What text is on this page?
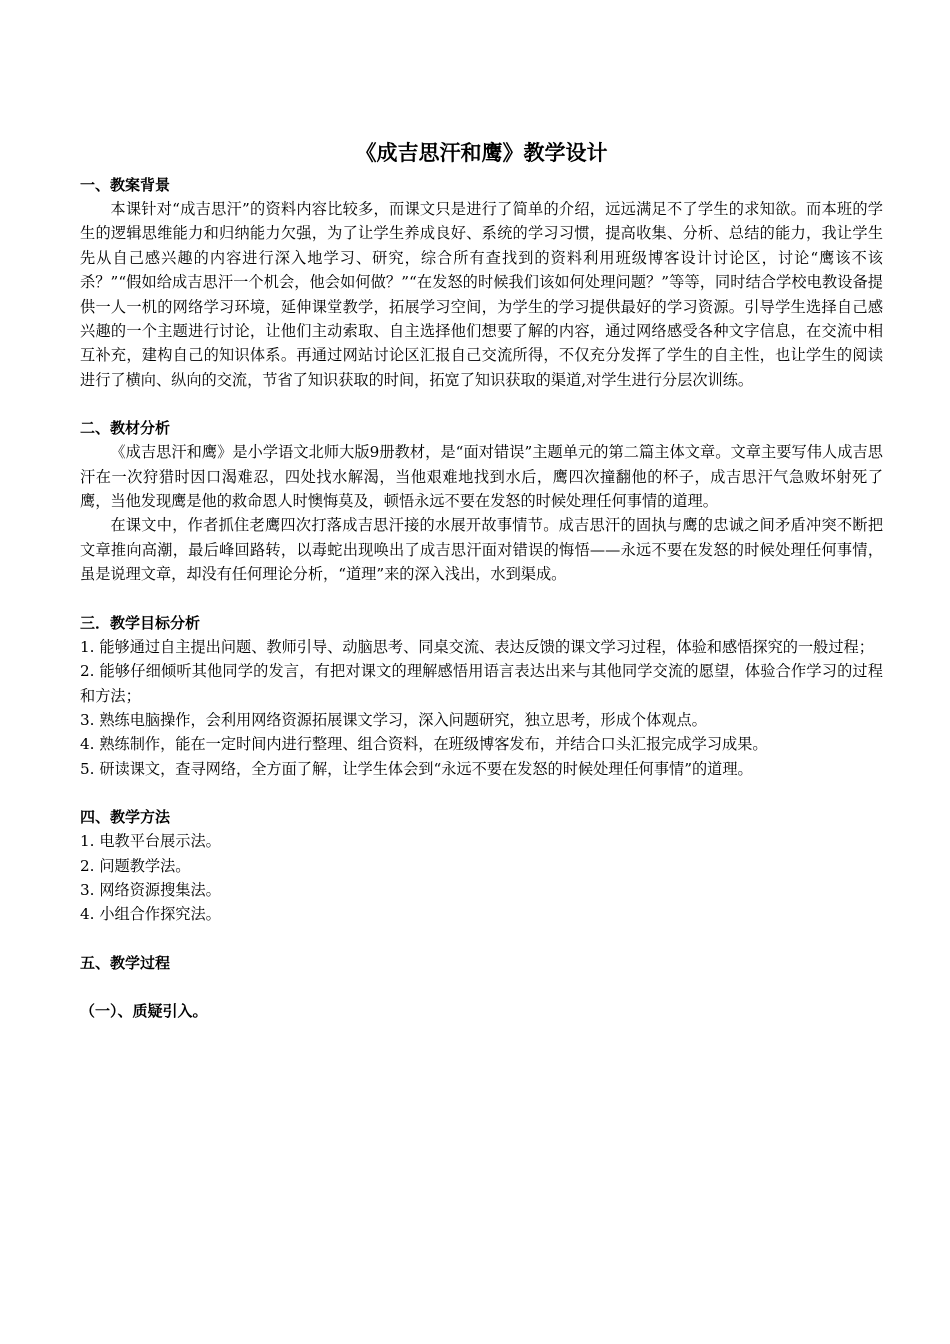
《成吉思汗和鹰》教学设计

一、教案背景

本课针对“成吉思汗”的资料内容比较多，而课文只是进行了简单的介绍，远远满足不了学生的求知欲。而本班的学生的逻辑思维能力和归纳能力欠强，为了让学生养成良好、系统的学习习惯，提高收集、分析、总结的能力，我让学生先从自己感兴趣的内容进行深入地学习、研究，综合所有查找到的资料利用班级博客设计讨论区，讨论“鹰该不该杀？”“假如给成吉思汗一个机会，他会如何做？”“在发怒的时候我们该如何处理问题？”等等，同时结合学校电教设备提供一人一机的网络学习环境，延伸课堂教学，拓展学习空间，为学生的学习提供最好的学习资源。引导学生选择自己感兴趣的一个主题进行讨论，让他们主动索取、自主选择他们想要了解的内容，通过网络感受各种文字信息，在交流中相互补充，建构自己的知识体系。再通过网站讨论区汇报自己交流所得，不仅充分发挥了学生的自主性，也让学生的阅读进行了横向、纵向的交流，节省了知识获取的时间，拓宽了知识获取的渠道,对学生进行分层次训练。

二、教材分析

《成吉思汗和鹰》是小学语文北师大版9册教材，是“面对错误”主题单元的第二篇主体文章。文章主要写伟人成吉思汗在一次狩猎时因口渴难忍，四处找水解渴，当他艰难地找到水后，鹰四次撞翻他的杯子，成吉思汗气急败坏射死了鹰，当他发现鹰是他的救命恩人时懊悔莫及，顿悟永远不要在发怒的时候处理任何事情的道理。

在课文中，作者抓住老鹰四次打落成吉思汗接的水展开故事情节。成吉思汗的固执与鹰的忠诚之间矛盾冲突不断把文章推向高潮，最后峰回路转，以毒蛇出现唤出了成吉思汗面对错误的悔悟——永远不要在发怒的时候处理任何事情，虽是说理文章，却没有任何理论分析，“道理”来的深入浅出，水到渠成。

三．教学目标分析

1. 能够通过自主提出问题、教师引导、动脑思考、同桌交流、表达反馈的课文学习过程，体验和感悟探究的一般过程；

2. 能够仔细倾听其他同学的发言，有把对课文的理解感悟用语言表达出来与其他同学交流的愿望，体验合作学习的过程和方法；

3. 熟练电脑操作，会利用网络资源拓展课文学习，深入问题研究，独立思考，形成个体观点。

4. 熟练制作，能在一定时间内进行整理、组合资料，在班级博客发布，并结合口头汇报完成学习成果。

5. 研读课文，查寻网络，全方面了解，让学生体会到“永远不要在发怒的时候处理任何事情”的道理。

四、教学方法

1. 电教平台展示法。

2. 问题教学法。

3. 网络资源搜集法。

4. 小组合作探究法。

五、教学过程

（一）、质疑引入。
